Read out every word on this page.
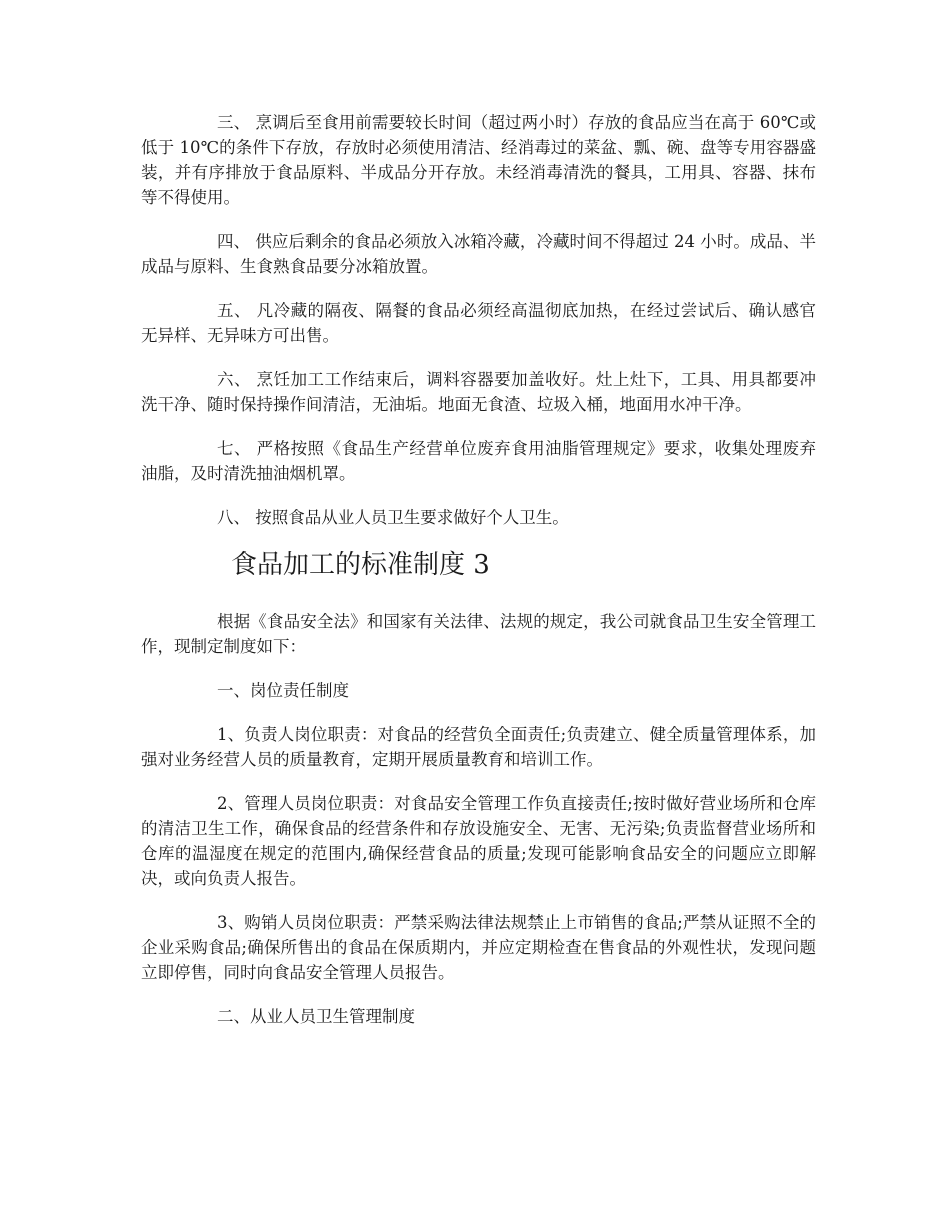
三、 烹调后至食用前需要较长时间（超过两小时）存放的食品应当在高于 60℃或低于 10℃的条件下存放，存放时必须使用清洁、经消毒过的菜盆、瓢、碗、盘等专用容器盛装，并有序排放于食品原料、半成品分开存放。未经消毒清洗的餐具，工用具、容器、抹布等不得使用。

四、 供应后剩余的食品必须放入冰箱冷藏，冷藏时间不得超过 24 小时。成品、半成品与原料、生食熟食品要分冰箱放置。

五、 凡冷藏的隔夜、隔餐的食品必须经高温彻底加热，在经过尝试后、确认感官无异样、无异味方可出售。

六、 烹饪加工工作结束后，调料容器要加盖收好。灶上灶下，工具、用具都要冲洗干净、随时保持操作间清洁，无油垢。地面无食渣、垃圾入桶，地面用水冲干净。

七、 严格按照《食品生产经营单位废弃食用油脂管理规定》要求，收集处理废弃油脂，及时清洗抽油烟机罩。

八、 按照食品从业人员卫生要求做好个人卫生。

食品加工的标准制度 3

根据《食品安全法》和国家有关法律、法规的规定，我公司就食品卫生安全管理工作，现制定制度如下：

一、岗位责任制度

1、负责人岗位职责：对食品的经营负全面责任;负责建立、健全质量管理体系，加强对业务经营人员的质量教育，定期开展质量教育和培训工作。

2、管理人员岗位职责：对食品安全管理工作负直接责任;按时做好营业场所和仓库的清洁卫生工作，确保食品的经营条件和存放设施安全、无害、无污染;负责监督营业场所和仓库的温湿度在规定的范围内,确保经营食品的质量;发现可能影响食品安全的问题应立即解决，或向负责人报告。

3、购销人员岗位职责：严禁采购法律法规禁止上市销售的食品;严禁从证照不全的企业采购食品;确保所售出的食品在保质期内，并应定期检查在售食品的外观性状，发现问题立即停售，同时向食品安全管理人员报告。

二、从业人员卫生管理制度
